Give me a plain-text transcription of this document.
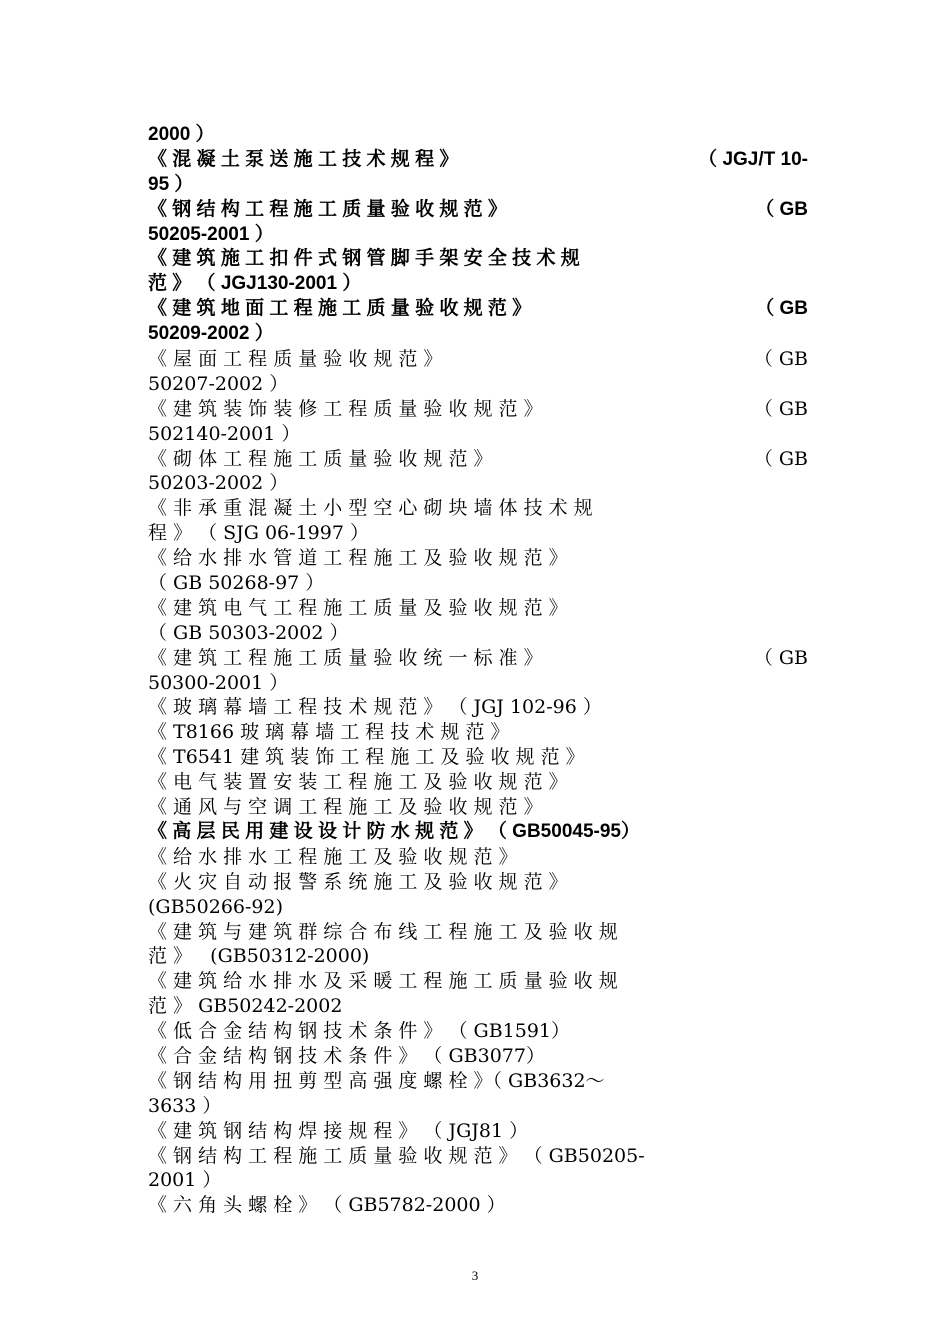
2000 ）
《 混 凝 土 泵 送 施 工 技 术 规 程 》	（ JGJ/T 10-
95 ）
《 钢 结 构 工 程 施 工 质 量 验 收 规 范 》	（ GB
50205-2001 ）
《 建 筑 施 工 扣 件 式 钢 管 脚 手 架 安 全 技 术 规
范 》 （ JGJ130-2001 ）
《 建 筑 地 面 工 程 施 工 质 量 验 收 规 范 》	（ GB
50209-2002 ）
《 屋 面 工 程 质 量 验 收 规 范 》	（ GB
50207-2002 ）
《 建 筑 装 饰 装 修 工 程 质 量 验 收 规 范 》	（ GB
502140-2001 ）
《 砌 体 工 程 施 工 质 量 验 收 规 范 》	（ GB
50203-2002 ）
《 非 承 重 混 凝 土 小 型 空 心 砌 块 墙 体 技 术 规
程 》 （ SJG 06-1997 ）
《 给 水 排 水 管 道 工 程 施 工 及 验 收 规 范 》
（ GB 50268-97 ）
《 建 筑 电 气 工 程 施 工 质 量 及 验 收 规 范 》
（ GB 50303-2002 ）
《 建 筑 工 程 施 工 质 量 验 收 统 一 标 准 》	（ GB
50300-2001 ）
《 玻 璃 幕 墙 工 程 技 术 规 范 》 （ JGJ 102-96 ）
《 T8166 玻 璃 幕 墙 工 程 技 术 规 范 》
《 T6541 建 筑 装 饰 工 程 施 工 及 验 收 规 范 》
《 电 气 装 置 安 装 工 程 施 工 及 验 收 规 范 》
《 通 风 与 空 调 工 程 施 工 及 验 收 规 范 》
《 高 层 民 用 建 设 设 计 防 水 规 范 》 （ GB50045-95）
《 给 水 排 水 工 程 施 工 及 验 收 规 范 》
《 火 灾 自 动 报 警 系 统 施 工 及 验 收 规 范 》
(GB50266-92)
《 建 筑 与 建 筑 群 综 合 布 线 工 程 施 工 及 验 收 规
范 》   (GB50312-2000)
《 建 筑 给 水 排 水 及 采 暖 工 程 施 工 质 量 验 收 规
范 》 GB50242-2002
《 低 合 金 结 构 钢 技 术 条 件 》 （ GB1591）
《 合 金 结 构 钢 技 术 条 件 》 （ GB3077）
《 钢 结 构 用 扭 剪 型 高 强 度 螺 栓 》（ GB3632～
3633 ）
《 建 筑 钢 结 构 焊 接 规 程 》 （ JGJ81 ）
《 钢 结 构 工 程 施 工 质 量 验 收 规 范 》 （ GB50205-
2001 ）
《 六 角 头 螺 栓 》 （ GB5782-2000 ）
3
